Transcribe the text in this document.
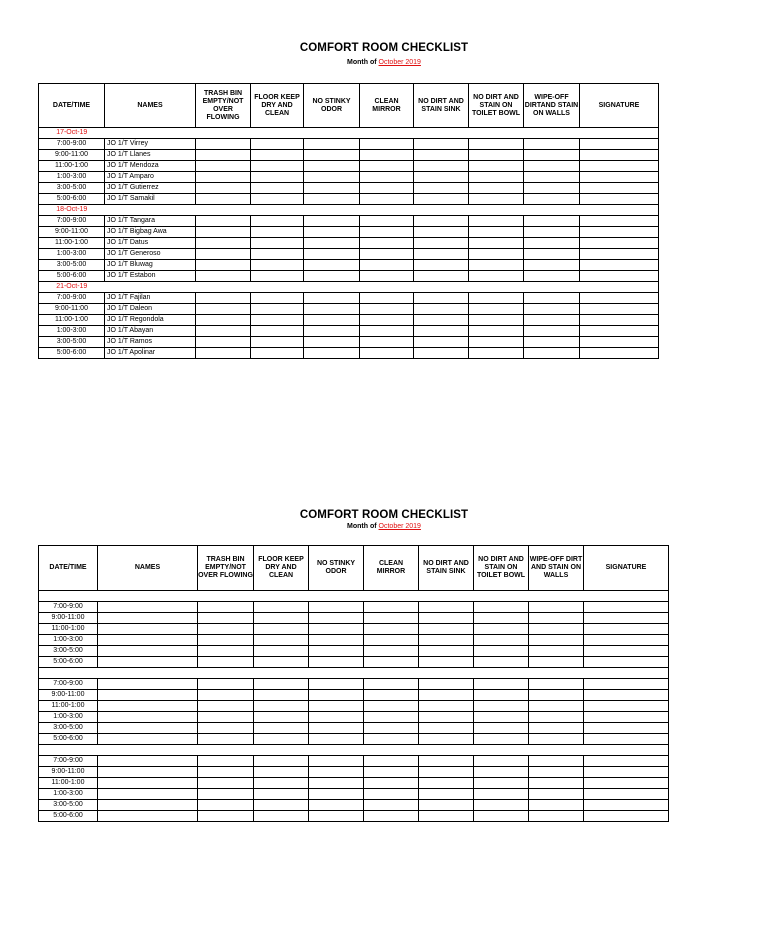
COMFORT ROOM CHECKLIST
Month of October 2019
DATE/TIME	NAMES	TRASH BIN EMPTY/NOT OVER FLOWING	FLOOR KEEP DRY AND CLEAN	NO STINKY ODOR	CLEAN MIRROR	NO DIRT AND STAIN SINK	NO DIRT AND STAIN ON TOILET BOWL	WIPE-OFF DIRTAND STAIN ON WALLS	SIGNATURE
17-Oct-19									
7:00-9:00	JO 1/T Virrey								
9:00-11:00	JO 1/T Llanes								
11:00-1:00	JO 1/T Mendoza								
1:00-3:00	JO 1/T Amparo								
3:00-5:00	JO 1/T Gutierrez								
5:00-6:00	JO 1/T Samakil								
18-Oct-19									
7:00-9:00	JO 1/T Tangara								
9:00-11:00	JO 1/T Bigbag Awa								
11:00-1:00	JO 1/T Datus								
1:00-3:00	JO 1/T Generoso								
3:00-5:00	JO 1/T Bluwag								
5:00-6:00	JO 1/T Estabon								
21-Oct-19									
7:00-9:00	JO 1/T Fajilan								
9:00-11:00	JO 1/T Daleon								
11:00-1:00	JO 1/T Regondola								
1:00-3:00	JO 1/T Abayan								
3:00-5:00	JO 1/T Ramos								
5:00-6:00	JO 1/T Apolinar								
COMFORT ROOM CHECKLIST
Month of October 2019
DATE/TIME	NAMES	TRASH BIN EMPTY/NOT OVER FLOWING	FLOOR KEEP DRY AND CLEAN	NO STINKY ODOR	CLEAN MIRROR	NO DIRT AND STAIN SINK	NO DIRT AND STAIN ON TOILET BOWL	WIPE-OFF DIRT AND STAIN ON WALLS	SIGNATURE

7:00-9:00									
9:00-11:00									
11:00-1:00									
1:00-3:00									
3:00-5:00									
5:00-6:00									

7:00-9:00									
9:00-11:00									
11:00-1:00									
1:00-3:00									
3:00-5:00									
5:00-6:00									

7:00-9:00									
9:00-11:00									
11:00-1:00									
1:00-3:00									
3:00-5:00									
5:00-6:00									
